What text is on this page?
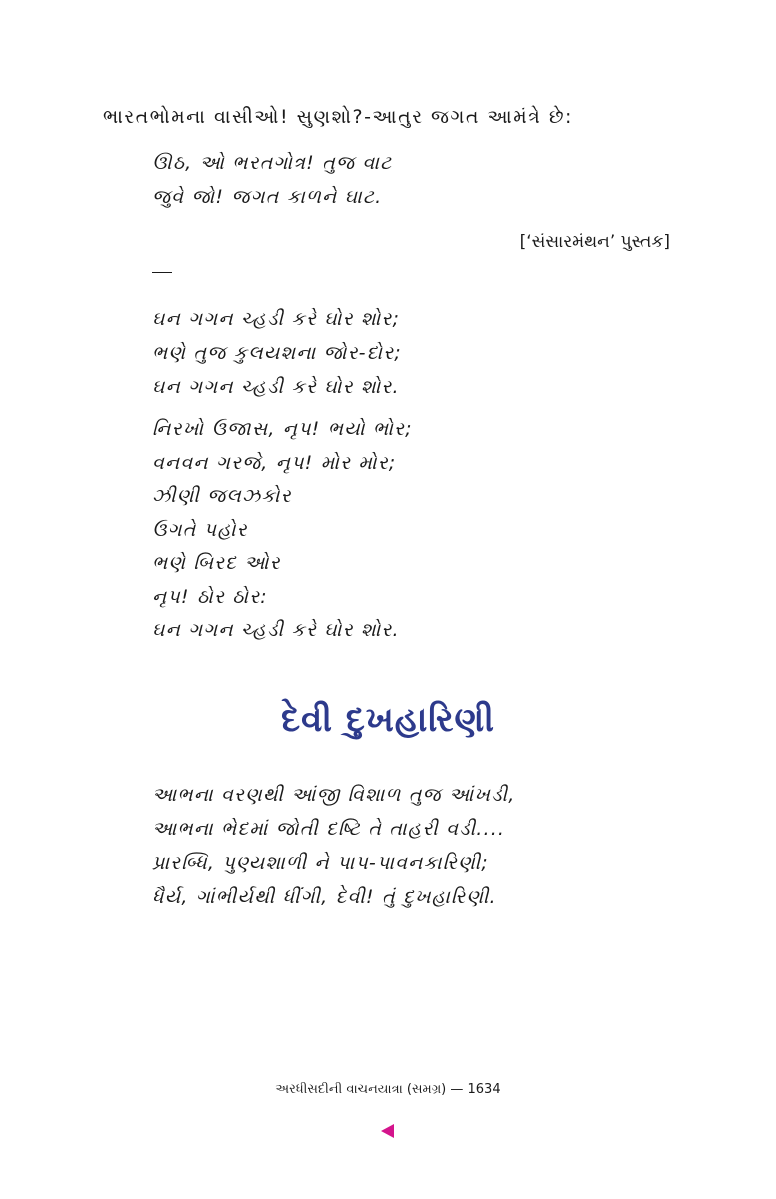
ભારતભોમના વાસીઓ! સુણશો?-આતુર જગત આમંત્રે છે:
ઊઠ, ઓ ભરતગોત્ર! તુજ વાટ
જુવે જો! જગત કાળને ઘાટ.
[‘સંસારમંથન’ પુસ્તક]
ઘન ગગન ચ્હડી કરે ઘોર શોર;
ભણે તુજ કુલયશના જોર-દોર;
ઘન ગગન ચ્હડી કરે ઘોર શોર.
નિરખો ઉજાસ, નૃપ! ભયો ભોર;
વનવન ગરજે, નૃપ! મોર મોર;
ઝીણી જલઝકોર
ઉગતે પહોર
ભણે બિરદ ઓર
નૃપ! ઠોર ઠોર:
ઘન ગગન ચ્હડી કરે ઘોર શોર.
દેવી દુખહારિણી
આભના વરણથી આંજી વિશાળ તુજ આંખડી,
આભના ભેદમાં જોતી દષ્ટિ તે તાહરી વડી....
પ્રારબ્ધિ, પુણ્યશાળી ને પાપ-પાવનકારિણી;
ધૈર્ય, ગાંભીર્યથી ધીંગી, દેવી! તું દુખહારિણી.
અરધીસદીની વાચનયાત્રા (સમગ્ર) — 1634
